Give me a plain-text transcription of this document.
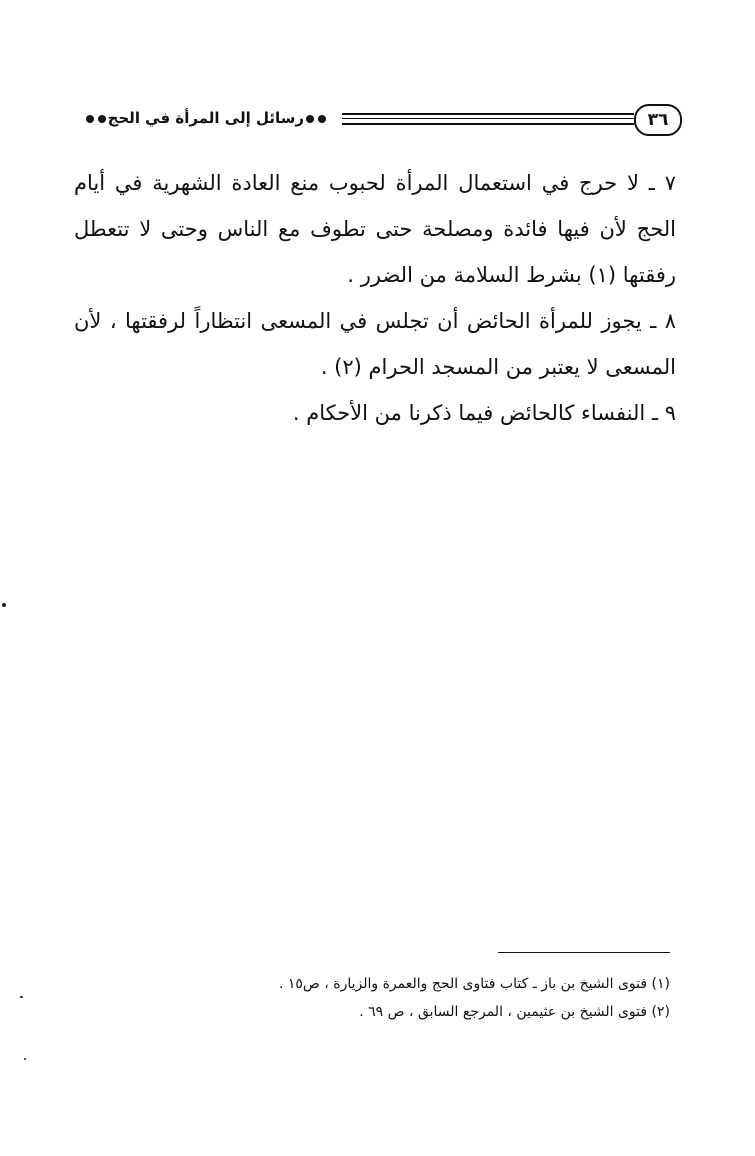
رسائل إلى المرأة في الحج	٣٦

٧ ـ لا حرج في استعمال المرأة لحبوب منع العادة الشهرية في أيام الحج لأن فيها فائدة ومصلحة حتى تطوف مع الناس وحتى لا تتعطل رفقتها (١) بشرط السلامة من الضرر .

٨ ـ يجوز للمرأة الحائض أن تجلس في المسعى انتظاراً لرفقتها ، لأن المسعى لا يعتبر من المسجد الحرام (٢) .

٩ ـ النفساء كالحائض فيما ذكرنا من الأحكام .

(١) فتوى الشيخ بن باز ـ كتاب فتاوى الحج والعمرة والزيارة ، ص١٥ .

(٢) فتوى الشيخ بن عثيمين ، المرجع السابق ، ص ٦٩ .
